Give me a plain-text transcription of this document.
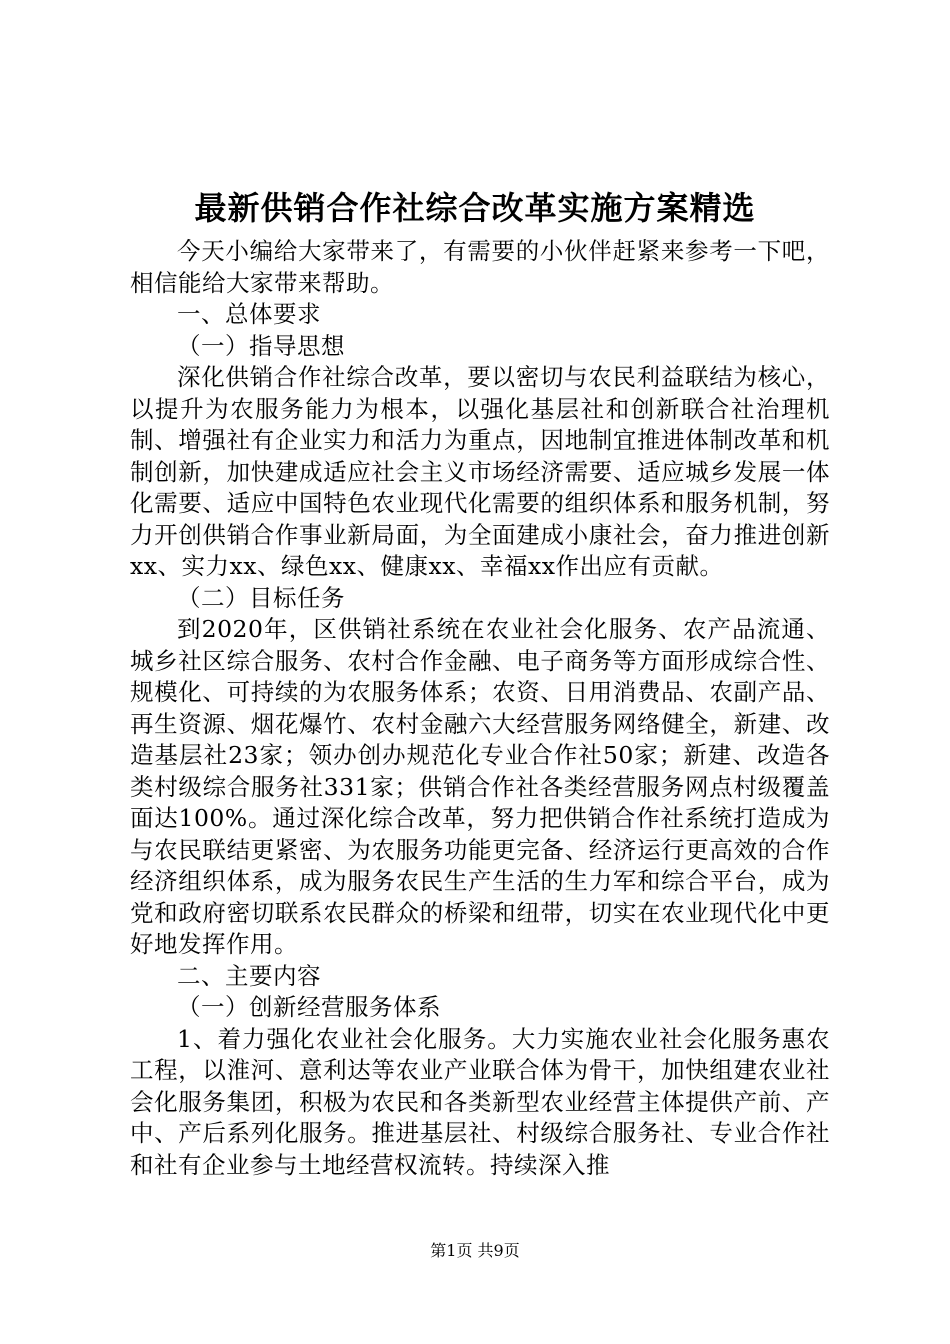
最新供销合作社综合改革实施方案精选

今天小编给大家带来了，有需要的小伙伴赶紧来参考一下吧，相信能给大家带来帮助。

一、总体要求

（一）指导思想

深化供销合作社综合改革，要以密切与农民利益联结为核心，以提升为农服务能力为根本，以强化基层社和创新联合社治理机制、增强社有企业实力和活力为重点，因地制宜推进体制改革和机制创新，加快建成适应社会主义市场经济需要、适应城乡发展一体化需要、适应中国特色农业现代化需要的组织体系和服务机制，努力开创供销合作事业新局面，为全面建成小康社会，奋力推进创新xx、实力xx、绿色xx、健康xx、幸福xx作出应有贡献。

（二）目标任务

到2020年，区供销社系统在农业社会化服务、农产品流通、城乡社区综合服务、农村合作金融、电子商务等方面形成综合性、规模化、可持续的为农服务体系；农资、日用消费品、农副产品、再生资源、烟花爆竹、农村金融六大经营服务网络健全，新建、改造基层社23家；领办创办规范化专业合作社50家；新建、改造各类村级综合服务社331家；供销合作社各类经营服务网点村级覆盖面达100%。通过深化综合改革，努力把供销合作社系统打造成为与农民联结更紧密、为农服务功能更完备、经济运行更高效的合作经济组织体系，成为服务农民生产生活的生力军和综合平台，成为党和政府密切联系农民群众的桥梁和纽带，切实在农业现代化中更好地发挥作用。

二、主要内容

（一）创新经营服务体系

1、着力强化农业社会化服务。大力实施农业社会化服务惠农工程，以淮河、意利达等农业产业联合体为骨干，加快组建农业社会化服务集团，积极为农民和各类新型农业经营主体提供产前、产中、产后系列化服务。推进基层社、村级综合服务社、专业合作社和社有企业参与土地经营权流转。持续深入推

第1页 共9页
